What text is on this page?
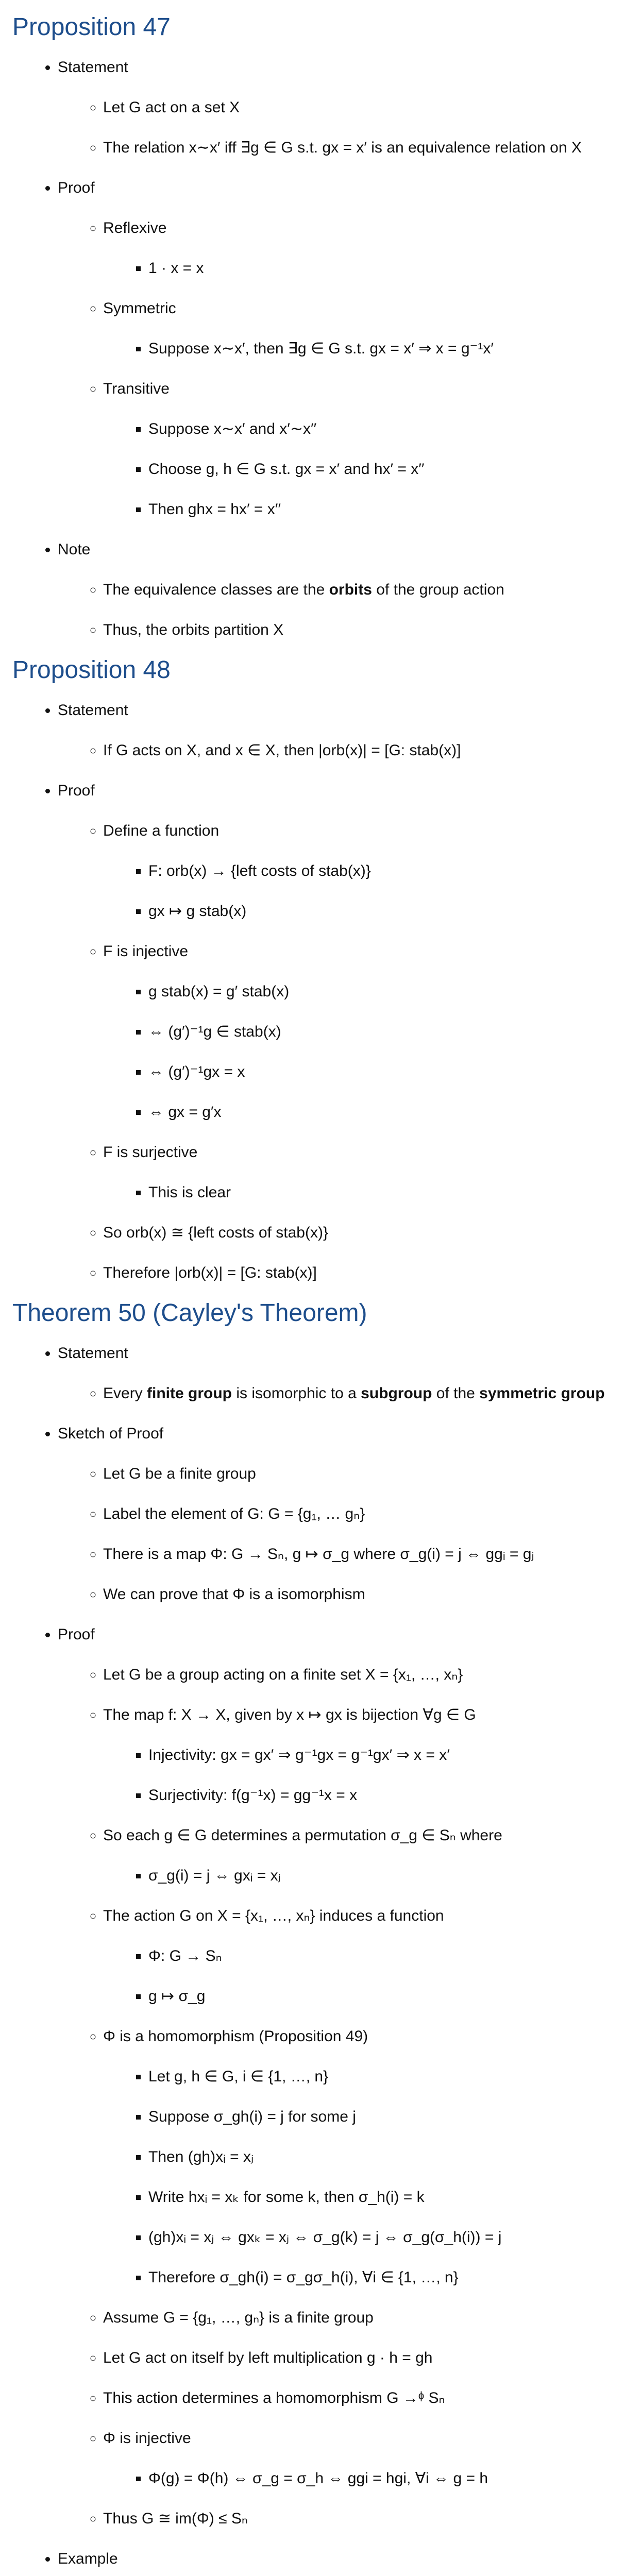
Proposition 47
• Statement
◦ Let G act on a set X
◦ The relation x∼x′ iff ∃g ∈ G s.t. gx = x′ is an equivalence relation on X
• Proof
◦ Reflexive
▪ 1 · x = x
◦ Symmetric
▪ Suppose x∼x′, then ∃g ∈ G s.t. gx = x′ ⇒ x = g⁻¹x′
◦ Transitive
▪ Suppose x∼x′ and x′∼x′′
▪ Choose g, h ∈ G s.t. gx = x′ and hx′ = x′′
▪ Then ghx = hx′ = x′′
• Note
◦ The equivalence classes are the orbits of the group action
◦ Thus, the orbits partition X
Proposition 48
• Statement
◦ If G acts on X, and x ∈ X, then |orb(x)| = [G: stab(x)]
• Proof
◦ Define a function
▪ F: orb(x) → {left costs of stab(x)}
▪ gx ↦ g stab(x)
◦ F is injective
▪ g stab(x) = g′ stab(x)
▪ ⇔ (g′)⁻¹g ∈ stab(x)
▪ ⇔ (g′)⁻¹gx = x
▪ ⇔ gx = g′x
◦ F is surjective
▪ This is clear
◦ So orb(x) ≅ {left costs of stab(x)}
◦ Therefore |orb(x)| = [G: stab(x)]
Theorem 50 (Cayley's Theorem)
• Statement
◦ Every finite group is isomorphic to a subgroup of the symmetric group
• Sketch of Proof
◦ Let G be a finite group
◦ Label the element of G: G = {g₁, … gₙ}
◦ There is a map Φ: G → Sₙ, g ↦ σ_g where σ_g(i) = j ⇔ ggᵢ = gⱼ
◦ We can prove that Φ is a isomorphism
• Proof
◦ Let G be a group acting on a finite set X = {x₁, …, xₙ}
◦ The map f: X → X, given by x ↦ gx is bijection ∀g ∈ G
▪ Injectivity: gx = gx′ ⇒ g⁻¹gx = g⁻¹gx′ ⇒ x = x′
▪ Surjectivity: f(g⁻¹x) = gg⁻¹x = x
◦ So each g ∈ G determines a permutation σ_g ∈ Sₙ where
▪ σ_g(i) = j ⇔ gxᵢ = xⱼ
◦ The action G on X = {x₁, …, xₙ} induces a function
▪ Φ: G → Sₙ
▪ g ↦ σ_g
◦ Φ is a homomorphism (Proposition 49)
▪ Let g, h ∈ G, i ∈ {1, …, n}
▪ Suppose σ_gh(i) = j for some j
▪ Then (gh)xᵢ = xⱼ
▪ Write hxᵢ = xₖ for some k, then σ_h(i) = k
▪ (gh)xᵢ = xⱼ ⇔ gxₖ = xⱼ ⇔ σ_g(k) = j ⇔ σ_g(σ_h(i)) = j
▪ Therefore σ_gh(i) = σ_gσ_h(i), ∀i ∈ {1, …, n}
◦ Assume G = {g₁, …, gₙ} is a finite group
◦ Let G act on itself by left multiplication g · h = gh
◦ This action determines a homomorphism G →ᶲ Sₙ
◦ Φ is injective
▪ Φ(g) = Φ(h) ⇔ σ_g = σ_h ⇔ ggi = hgi, ∀i ⇔ g = h
◦ Thus G ≅ im(Φ) ≤ Sₙ
• Example
